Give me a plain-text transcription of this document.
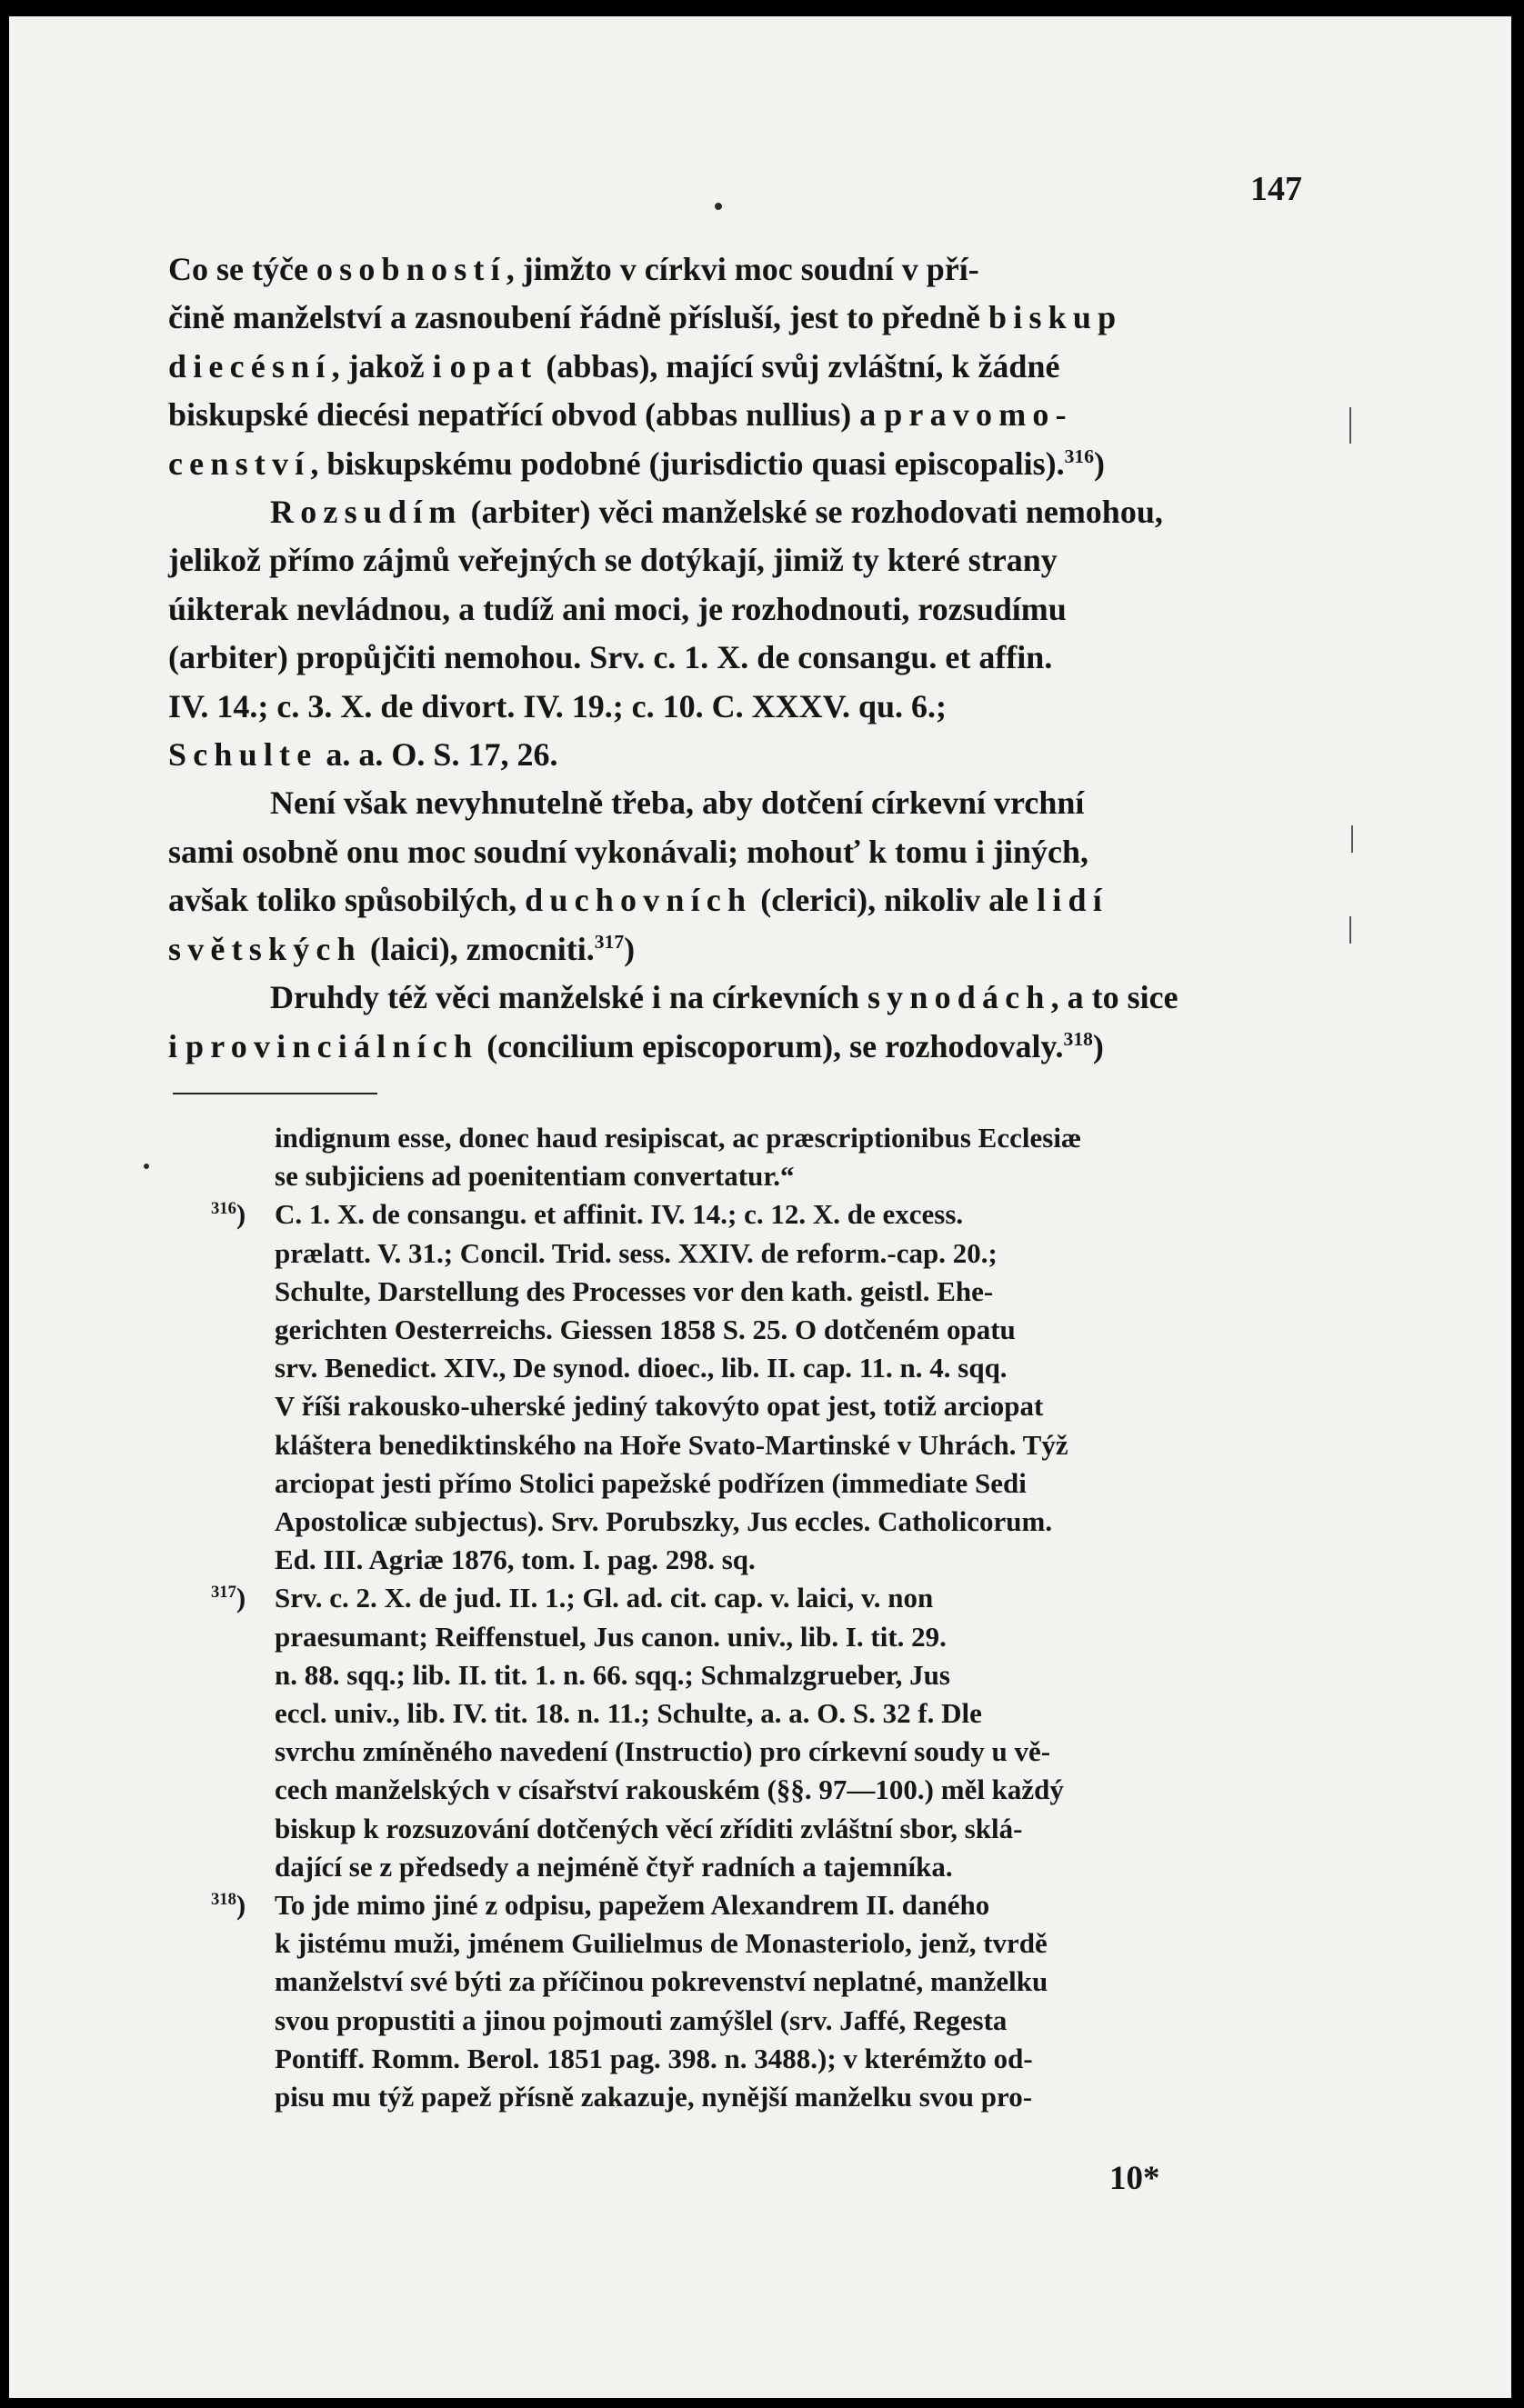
147
Co se týče osobností, jimžto v církvi moc soudní v pří-
čině manželství a zasnoubení řádně přísluší, jest to předně biskup
diecésní, jakož i opat (abbas), mající svůj zvláštní, k žádné
biskupské diecési nepatřící obvod (abbas nullius) a pravomo-
cenství, biskupskému podobné (jurisdictio quasi episcopalis).$^{316}$)
Rozsudím (arbiter) věci manželské se rozhodovati nemohou,
jelikož přímo zájmů veřejných se dotýkají, jimiž ty které strany
úikterak nevládnou, a tudíž ani moci, je rozhodnouti, rozsudímu
(arbiter) propůjčiti nemohou. Srv. c. 1. X. de consangu. et affin.
IV. 14.; c. 3. X. de divort. IV. 19.; c. 10. C. XXXV. qu. 6.;
Schulte a. a. O. S. 17, 26.
Není však nevyhnutelně třeba, aby dotčení církevní vrchní
sami osobně onu moc soudní vykonávali; mohouť k tomu i jiných,
avšak toliko spůsobilých, duchovních (clerici), nikoliv ale lidí
světských (laici), zmocniti.$^{317}$)
Druhdy též věci manželské i na církevních synodách, a to sice
i provinciálních (concilium episcoporum), se rozhodovaly.$^{318}$)
indignum esse, donec haud resipiscat, ac præscriptionibus Ecclesiæ
se subjiciens ad poenitentiam convertatur.“
$^{316}$) C. 1. X. de consangu. et affinit. IV. 14.; c. 12. X. de excess.
prælatt. V. 31.; Concil. Trid. sess. XXIV. de reform.-cap. 20.;
Schulte, Darstellung des Processes vor den kath. geistl. Ehe-
gerichten Oesterreichs. Giessen 1858 S. 25. O dotčeném opatu
srv. Benedict. XIV., De synod. dioec., lib. II. cap. 11. n. 4. sqq.
V říši rakousko-uherské jediný takovýto opat jest, totiž arciopat
kláštera benediktinského na Hoře Svato-Martinské v Uhrách. Týž
arciopat jesti přímo Stolici papežské podřízen (immediate Sedi
Apostolicæ subjectus). Srv. Porubszky, Jus eccles. Catholicorum.
Ed. III. Agriæ 1876, tom. I. pag. 298. sq.
$^{317}$) Srv. c. 2. X. de jud. II. 1.; Gl. ad. cit. cap. v. laici, v. non
praesumant; Reiffenstuel, Jus canon. univ., lib. I. tit. 29.
n. 88. sqq.; lib. II. tit. 1. n. 66. sqq.; Schmalzgrueber, Jus
eccl. univ., lib. IV. tit. 18. n. 11.; Schulte, a. a. O. S. 32 f. Dle
svrchu zmíněného navedení (Instructio) pro církevní soudy u vě-
cech manželských v císařství rakouském (§§. 97—100.) měl každý
biskup k rozsuzování dotčených věcí zříditi zvláštní sbor, sklá-
dající se z předsedy a nejméně čtyř radních a tajemníka.
$^{318}$) To jde mimo jiné z odpisu, papežem Alexandrem II. daného
k jistému muži, jménem Guilielmus de Monasteriolo, jenž, tvrdě
manželství své býti za příčinou pokrevenství neplatné, manželku
svou propustiti a jinou pojmouti zamýšlel (srv. Jaffé, Regesta
Pontiff. Romm. Berol. 1851 pag. 398. n. 3488.); v kterémžto od-
pisu mu týž papež přísně zakazuje, nynější manželku svou pro-
10*
